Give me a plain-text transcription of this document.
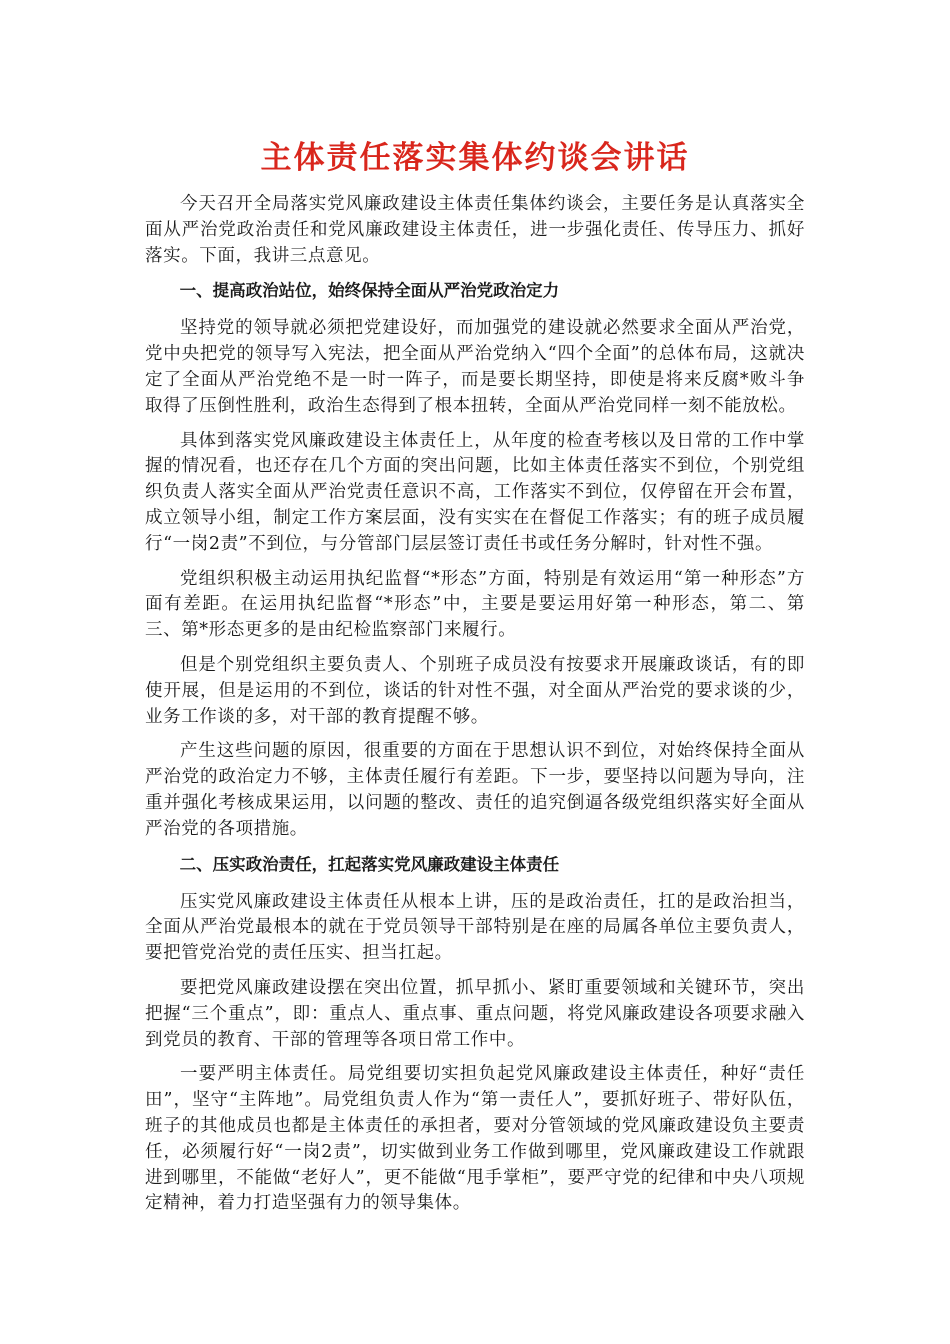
主体责任落实集体约谈会讲话

今天召开全局落实党风廉政建设主体责任集体约谈会，主要任务是认真落实全面从严治党政治责任和党风廉政建设主体责任，进一步强化责任、传导压力、抓好落实。下面，我讲三点意见。

一、提高政治站位，始终保持全面从严治党政治定力

坚持党的领导就必须把党建设好，而加强党的建设就必然要求全面从严治党，党中央把党的领导写入宪法，把全面从严治党纳入“四个全面”的总体布局，这就决定了全面从严治党绝不是一时一阵子，而是要长期坚持，即使是将来反腐*败斗争取得了压倒性胜利，政治生态得到了根本扭转，全面从严治党同样一刻不能放松。

具体到落实党风廉政建设主体责任上，从年度的检查考核以及日常的工作中掌握的情况看，也还存在几个方面的突出问题，比如主体责任落实不到位，个别党组织负责人落实全面从严治党责任意识不高，工作落实不到位，仅停留在开会布置，成立领导小组，制定工作方案层面，没有实实在在督促工作落实；有的班子成员履行“一岗2责”不到位，与分管部门层层签订责任书或任务分解时，针对性不强。

党组织积极主动运用执纪监督“*形态”方面，特别是有效运用“第一种形态”方面有差距。在运用执纪监督“*形态”中，主要是要运用好第一种形态，第二、第三、第*形态更多的是由纪检监察部门来履行。

但是个别党组织主要负责人、个别班子成员没有按要求开展廉政谈话，有的即使开展，但是运用的不到位，谈话的针对性不强，对全面从严治党的要求谈的少，业务工作谈的多，对干部的教育提醒不够。

产生这些问题的原因，很重要的方面在于思想认识不到位，对始终保持全面从严治党的政治定力不够，主体责任履行有差距。下一步，要坚持以问题为导向，注重并强化考核成果运用，以问题的整改、责任的追究倒逼各级党组织落实好全面从严治党的各项措施。

二、压实政治责任，扛起落实党风廉政建设主体责任

压实党风廉政建设主体责任从根本上讲，压的是政治责任，扛的是政治担当，全面从严治党最根本的就在于党员领导干部特别是在座的局属各单位主要负责人，要把管党治党的责任压实、担当扛起。

要把党风廉政建设摆在突出位置，抓早抓小、紧盯重要领域和关键环节，突出把握“三个重点”，即：重点人、重点事、重点问题，将党风廉政建设各项要求融入到党员的教育、干部的管理等各项日常工作中。

一要严明主体责任。局党组要切实担负起党风廉政建设主体责任，种好“责任田”，坚守“主阵地”。局党组负责人作为“第一责任人”，要抓好班子、带好队伍，班子的其他成员也都是主体责任的承担者，要对分管领域的党风廉政建设负主要责任，必须履行好“一岗2责”，切实做到业务工作做到哪里，党风廉政建设工作就跟进到哪里，不能做“老好人”，更不能做“甩手掌柜”，要严守党的纪律和中央八项规定精神，着力打造坚强有力的领导集体。
